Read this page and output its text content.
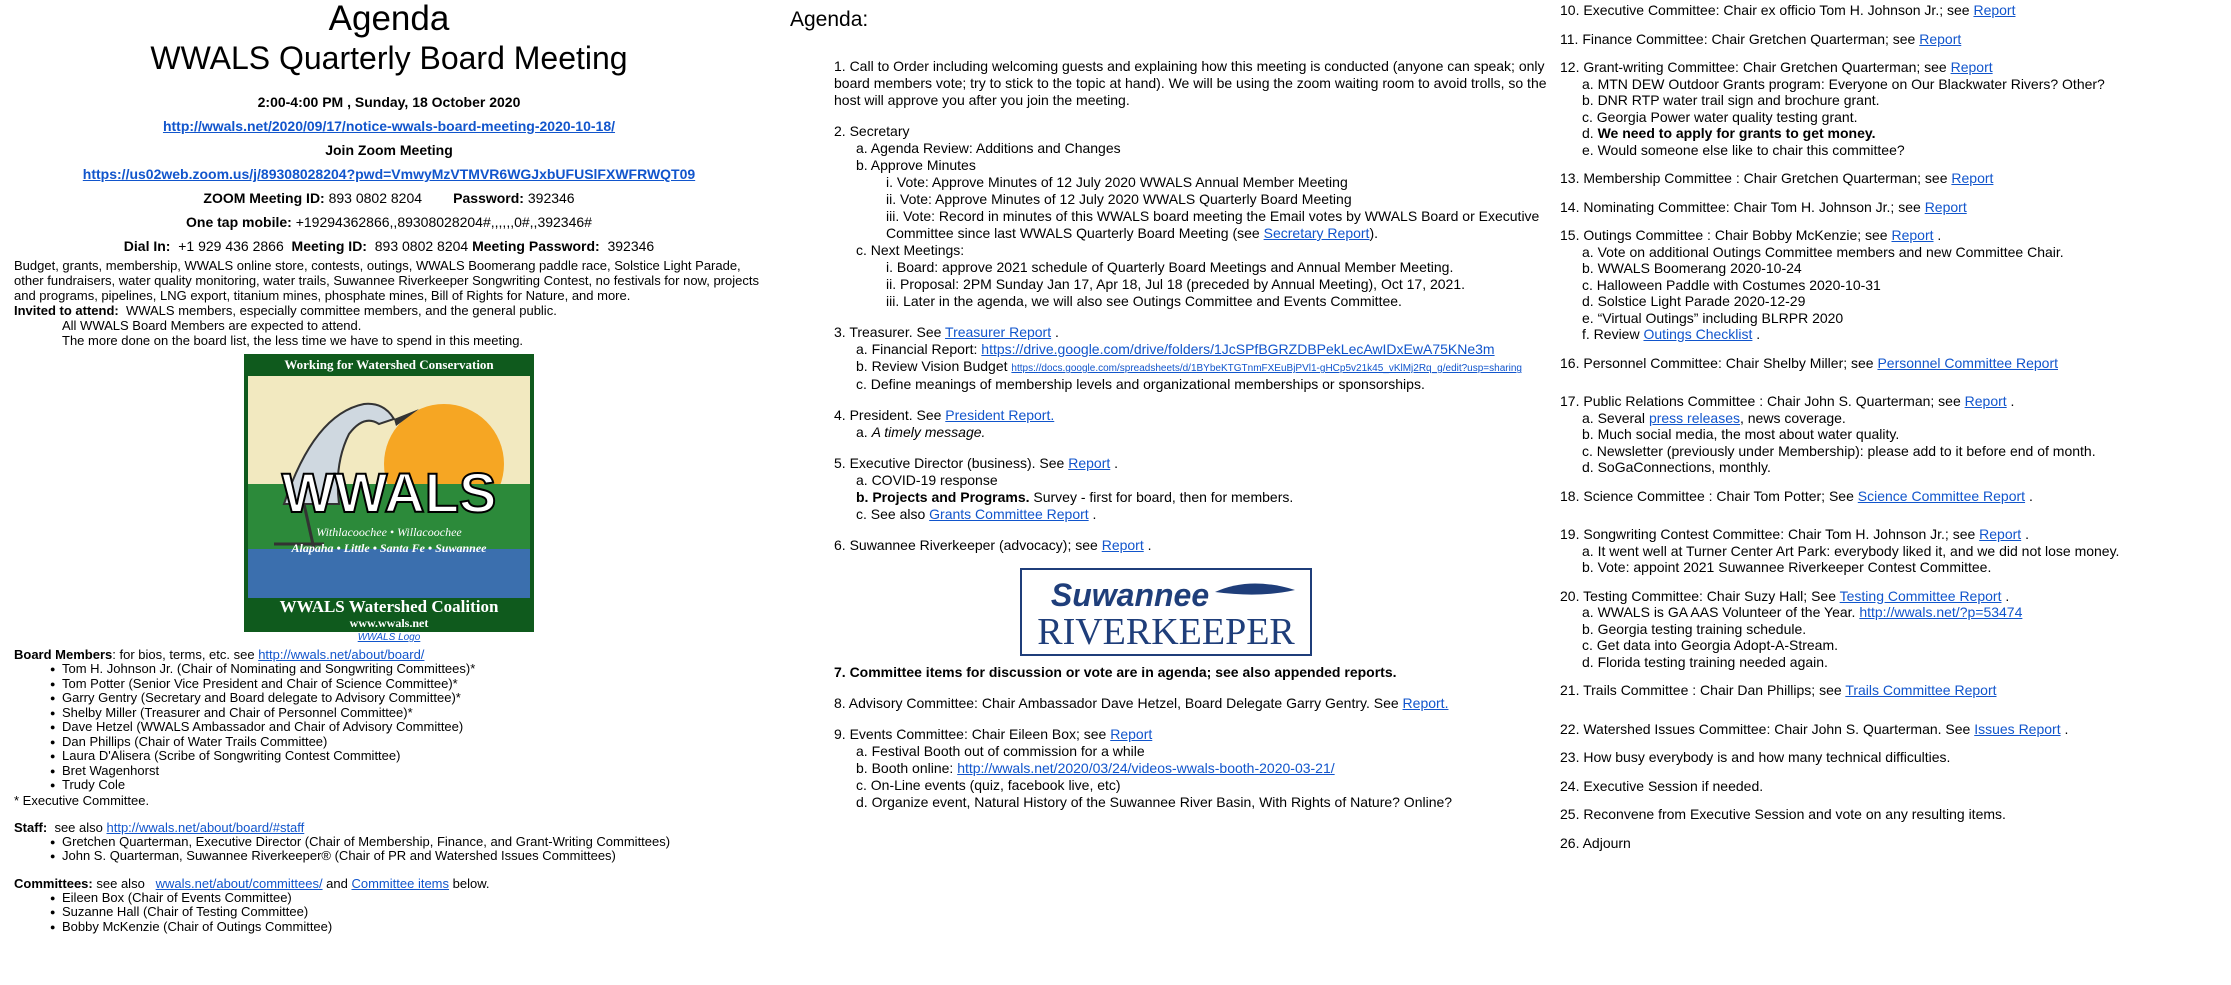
Agenda
WWALS Quarterly Board Meeting
2:00-4:00 PM , Sunday, 18 October 2020
http://wwals.net/2020/09/17/notice-wwals-board-meeting-2020-10-18/
Join Zoom Meeting
https://us02web.zoom.us/j/89308028204?pwd=VmwyMzVTMVR6WGJxbUFUSlFXWFRWQT09
ZOOM Meeting ID: 893 0802 8204 Password: 392346
One tap mobile: +19294362866,,89308028204#,,,,,,0#,,392346#
Dial In: +1 929 436 2866 Meeting ID: 893 0802 8204 Meeting Password: 392346
Budget, grants, membership, WWALS online store, contests, outings, WWALS Boomerang paddle race, Solstice Light Parade, other fundraisers, water quality monitoring, water trails, Suwannee Riverkeeper Songwriting Contest, no festivals for now, projects and programs, pipelines, LNG export, titanium mines, phosphate mines, Bill of Rights for Nature, and more.
Invited to attend: WWALS members, especially committee members, and the general public.
All WWALS Board Members are expected to attend.
The more done on the board list, the less time we have to spend in this meeting.
Working for Watershed Conservation
WWALS
Withlacoochee • Willacoochee
Alapaha • Little • Santa Fe • Suwannee
WWALS Watershed Coalition
www.wwals.net
WWALS Logo
Board Members: for bios, terms, etc. see http://wwals.net/about/board/
● Tom H. Johnson Jr. (Chair of Nominating and Songwriting Committees)*
● Tom Potter (Senior Vice President and Chair of Science Committee)*
● Garry Gentry (Secretary and Board delegate to Advisory Committee)*
● Shelby Miller (Treasurer and Chair of Personnel Committee)*
● Dave Hetzel (WWALS Ambassador and Chair of Advisory Committee)
● Dan Phillips (Chair of Water Trails Committee)
● Laura D'Alisera (Scribe of Songwriting Contest Committee)
● Bret Wagenhorst
● Trudy Cole
* Executive Committee.
Staff: see also http://wwals.net/about/board/#staff
● Gretchen Quarterman, Executive Director (Chair of Membership, Finance, and Grant-Writing Committees)
● John S. Quarterman, Suwannee Riverkeeper® (Chair of PR and Watershed Issues Committees)
Committees: see also   wwals.net/about/committees/ and Committee items below.
● Eileen Box (Chair of Events Committee)
● Suzanne Hall (Chair of Testing Committee)
● Bobby McKenzie (Chair of Outings Committee)
Agenda:
1. Call to Order including welcoming guests and explaining how this meeting is conducted (anyone can speak; only board members vote; try to stick to the topic at hand). We will be using the zoom waiting room to avoid trolls, so the host will approve you after you join the meeting.
2. Secretary
a. Agenda Review: Additions and Changes
b. Approve Minutes
i. Vote: Approve Minutes of 12 July 2020 WWALS Annual Member Meeting
ii. Vote: Approve Minutes of 12 July 2020 WWALS Quarterly Board Meeting
iii. Vote: Record in minutes of this WWALS board meeting the Email votes by WWALS Board or Executive Committee since last WWALS Quarterly Board Meeting (see Secretary Report).
c. Next Meetings:
i. Board: approve 2021 schedule of Quarterly Board Meetings and Annual Member Meeting.
ii. Proposal: 2PM Sunday Jan 17, Apr 18, Jul 18 (preceded by Annual Meeting), Oct 17, 2021.
iii. Later in the agenda, we will also see Outings Committee and Events Committee.
3. Treasurer. See Treasurer Report .
a. Financial Report: https://drive.google.com/drive/folders/1JcSPfBGRZDBPekLecAwIDxEwA75KNe3m
b. Review Vision Budget https://docs.google.com/spreadsheets/d/1BYbeKTGTnmFXEuBjPVl1-gHCp5v21k45_vKlMj2Rq_g/edit?usp=sharing
c. Define meanings of membership levels and organizational memberships or sponsorships.
4. President. See President Report.
a. A timely message.
5. Executive Director (business). See Report .
a. COVID-19 response
b. Projects and Programs. Survey - first for board, then for members.
c. See also Grants Committee Report .
6. Suwannee Riverkeeper (advocacy); see Report .
Suwannee
RIVERKEEPER
7. Committee items for discussion or vote are in agenda; see also appended reports.
8. Advisory Committee: Chair Ambassador Dave Hetzel, Board Delegate Garry Gentry. See Report.
9. Events Committee: Chair Eileen Box; see Report
a. Festival Booth out of commission for a while
b. Booth online: http://wwals.net/2020/03/24/videos-wwals-booth-2020-03-21/
c. On-Line events (quiz, facebook live, etc)
d. Organize event, Natural History of the Suwannee River Basin, With Rights of Nature? Online?
10. Executive Committee: Chair ex officio Tom H. Johnson Jr.; see Report
11. Finance Committee: Chair Gretchen Quarterman; see Report
12. Grant-writing Committee: Chair Gretchen Quarterman; see Report
a. MTN DEW Outdoor Grants program: Everyone on Our Blackwater Rivers? Other?
b. DNR RTP water trail sign and brochure grant.
c. Georgia Power water quality testing grant.
d. We need to apply for grants to get money.
e. Would someone else like to chair this committee?
13. Membership Committee : Chair Gretchen Quarterman; see Report
14. Nominating Committee: Chair Tom H. Johnson Jr.; see Report
15. Outings Committee : Chair Bobby McKenzie; see Report .
a. Vote on additional Outings Committee members and new Committee Chair.
b. WWALS Boomerang 2020-10-24
c. Halloween Paddle with Costumes 2020-10-31
d. Solstice Light Parade 2020-12-29
e. “Virtual Outings” including BLRPR 2020
f. Review Outings Checklist .
16. Personnel Committee: Chair Shelby Miller; see Personnel Committee Report
17. Public Relations Committee : Chair John S. Quarterman; see Report .
a. Several press releases, news coverage.
b. Much social media, the most about water quality.
c. Newsletter (previously under Membership): please add to it before end of month.
d. SoGaConnections, monthly.
18. Science Committee : Chair Tom Potter; See Science Committee Report .
19. Songwriting Contest Committee: Chair Tom H. Johnson Jr.; see Report .
a. It went well at Turner Center Art Park: everybody liked it, and we did not lose money.
b. Vote: appoint 2021 Suwannee Riverkeeper Contest Committee.
20. Testing Committee: Chair Suzy Hall; See Testing Committee Report .
a. WWALS is GA AAS Volunteer of the Year. http://wwals.net/?p=53474
b. Georgia testing training schedule.
c. Get data into Georgia Adopt-A-Stream.
d. Florida testing training needed again.
21. Trails Committee : Chair Dan Phillips; see Trails Committee Report
22. Watershed Issues Committee: Chair John S. Quarterman. See Issues Report .
23. How busy everybody is and how many technical difficulties.
24. Executive Session if needed.
25. Reconvene from Executive Session and vote on any resulting items.
26. Adjourn
